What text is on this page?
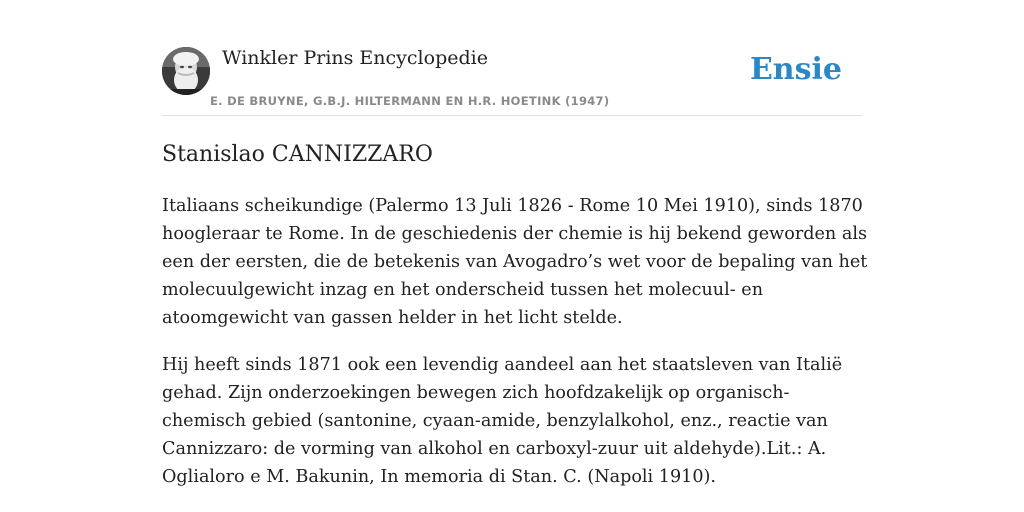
Winkler Prins Encyclopedie
E. DE BRUYNE, G.B.J. HILTERMANN EN H.R. HOETINK (1947)
Ensie
Stanislao CANNIZZARO

Italiaans scheikundige (Palermo 13 Juli 1826 - Rome 10 Mei 1910), sinds 1870 hoogleraar te Rome. In de geschiedenis der chemie is hij bekend geworden als een der eersten, die de betekenis van Avogadro’s wet voor de bepaling van het molecuulgewicht inzag en het onderscheid tussen het molecuul- en atoomgewicht van gassen helder in het licht stelde.

Hij heeft sinds 1871 ook een levendig aandeel aan het staatsleven van Italië gehad. Zijn onderzoekingen bewegen zich hoofdzakelijk op organisch-chemisch gebied (santonine, cyaan-amide, benzylalkohol, enz., reactie van Cannizzaro: de vorming van alkohol en carboxyl-zuur uit aldehyde).Lit.: A. Oglialoro e M. Bakunin, In memoria di Stan. C. (Napoli 1910).
